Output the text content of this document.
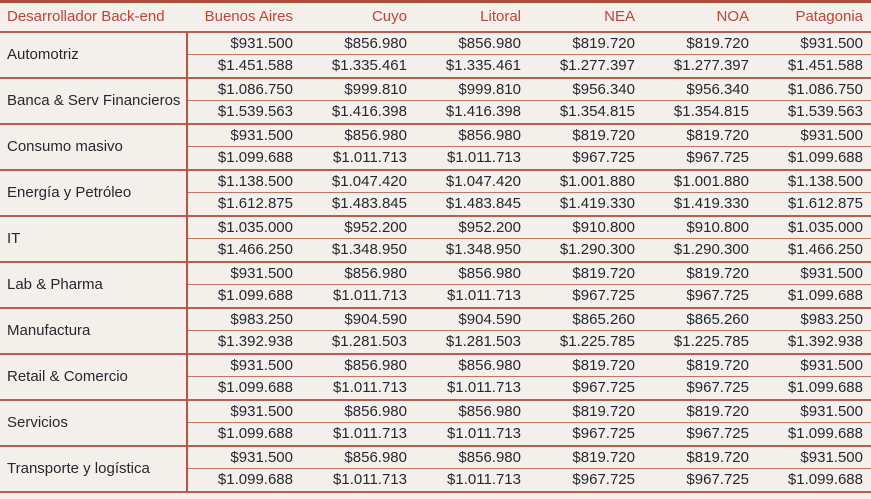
Desarrollador Back-end	Buenos Aires	Cuyo	Litoral	NEA	NOA	Patagonia
Automotriz	$931.500	$856.980	$856.980	$819.720	$819.720	$931.500
	$1.451.588	$1.335.461	$1.335.461	$1.277.397	$1.277.397	$1.451.588
Banca & Serv Financieros	$1.086.750	$999.810	$999.810	$956.340	$956.340	$1.086.750
	$1.539.563	$1.416.398	$1.416.398	$1.354.815	$1.354.815	$1.539.563
Consumo masivo	$931.500	$856.980	$856.980	$819.720	$819.720	$931.500
	$1.099.688	$1.011.713	$1.011.713	$967.725	$967.725	$1.099.688
Energía y Petróleo	$1.138.500	$1.047.420	$1.047.420	$1.001.880	$1.001.880	$1.138.500
	$1.612.875	$1.483.845	$1.483.845	$1.419.330	$1.419.330	$1.612.875
IT	$1.035.000	$952.200	$952.200	$910.800	$910.800	$1.035.000
	$1.466.250	$1.348.950	$1.348.950	$1.290.300	$1.290.300	$1.466.250
Lab & Pharma	$931.500	$856.980	$856.980	$819.720	$819.720	$931.500
	$1.099.688	$1.011.713	$1.011.713	$967.725	$967.725	$1.099.688
Manufactura	$983.250	$904.590	$904.590	$865.260	$865.260	$983.250
	$1.392.938	$1.281.503	$1.281.503	$1.225.785	$1.225.785	$1.392.938
Retail & Comercio	$931.500	$856.980	$856.980	$819.720	$819.720	$931.500
	$1.099.688	$1.011.713	$1.011.713	$967.725	$967.725	$1.099.688
Servicios	$931.500	$856.980	$856.980	$819.720	$819.720	$931.500
	$1.099.688	$1.011.713	$1.011.713	$967.725	$967.725	$1.099.688
Transporte y logística	$931.500	$856.980	$856.980	$819.720	$819.720	$931.500
	$1.099.688	$1.011.713	$1.011.713	$967.725	$967.725	$1.099.688
